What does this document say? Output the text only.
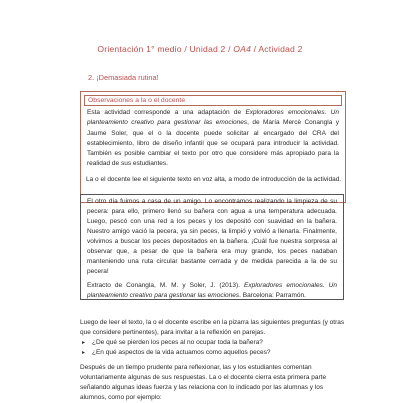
Orientación 1° medio / Unidad 2 / OA4 / Actividad 2
2. ¡Demasiada rutina!
Observaciones a la o el docente
Esta actividad corresponde a una adaptación de Explorad​ores emocionales. Un planteamiento creativo para gestionar las emociones, de María Mercè Conangla y Jaume Soler, que el o la docente puede solicitar al encargado del CRA del establecimiento, libro de diseño infantil que se ocupará para introducir la actividad. También es posible cambiar el texto por otro que considere más apropiado para la realidad de sus estudiantes.
La o el docente lee el siguiente texto en voz alta, a modo de introducción de la actividad.
El otro día fuimos a casa de un amigo. Lo encontramos realizando la limpieza de su pecera: para ello, primero llenó su bañera con agua a una temperatura adecuada. Luego, pescó con una red a los peces y los depositó con suavidad en la bañera. Nuestro amigo vació la pecera, ya sin peces, la limpió y volvió a llenarla. Finalmente, volvimos a buscar los peces depositados en la bañera. ¡Cuál fue nuestra sorpresa al observar que, a pesar de que la bañera era muy grande, los peces nadaban manteniendo una ruta circular bastante cerrada y de medida parecida a la de su pecera!
Extracto de Conangla, M. M. y Soler, J. (2013). Exploradores emocionales. Un planteamiento creativo para gestionar las emociones. Barcelona: Parramón.

Luego de leer el texto, la o el docente escribe en la pizarra las siguientes preguntas (y otras que considere pertinentes), para invitar a la reflexión en parejas.

▸ ¿De qué se pierden los peces al no ocupar toda la bañera?
▸ ¿En qué aspectos de la vida actuamos como aquellos peces?

Después de un tiempo prudente para reflexionar, las y los estudiantes comentan voluntariamente algunas de sus respuestas. La o el docente cierra esta primera parte señalando algunas ideas fuerza y las relaciona con lo indicado por las alumnas y los alumnos, como por ejemplo:
